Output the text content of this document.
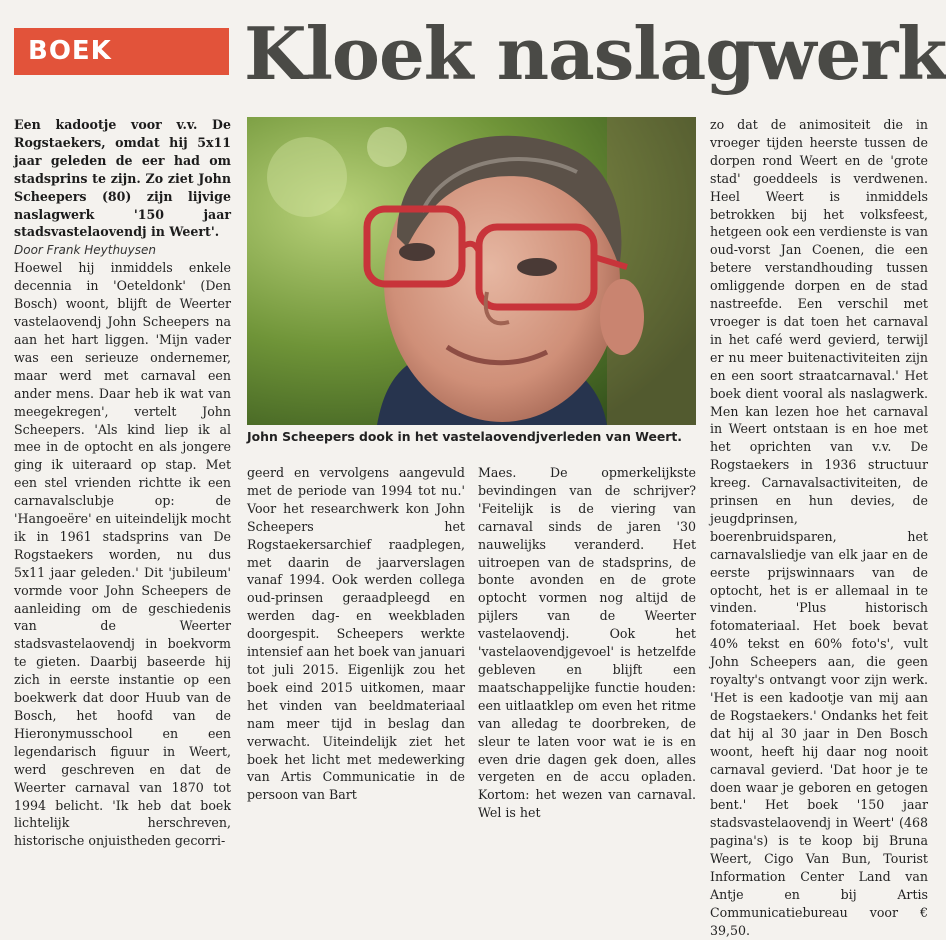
BOEK	Kloek naslagwerk

Een kadootje voor v.v. De Rogstaekers, omdat hij 5x11 jaar geleden de eer had om stadsprins te zijn. Zo ziet John Scheepers (80) zijn lijvige naslagwerk '150 jaar stadsvastelaovendj in Weert'.

Door Frank Heythuysen

Hoewel hij inmiddels enkele decennia in 'Oeteldonk' (Den Bosch) woont, blijft de Weerter vastelaovendj John Scheepers na aan het hart liggen. 'Mijn vader was een serieuze ondernemer, maar werd met carnaval een ander mens. Daar heb ik wat van meegekregen', vertelt John Scheepers. 'Als kind liep ik al mee in de optocht en als jongere ging ik uiteraard op stap. Met een stel vrienden richtte ik een carnavalsclubje op: de 'Hangoeëre' en uiteindelijk mocht ik in 1961 stadsprins van De Rogstaekers worden, nu dus 5x11 jaar geleden.' Dit 'jubileum' vormde voor John Scheepers de aanleiding om de geschiedenis van de Weerter stadsvastelaovendj in boekvorm te gieten. Daarbij baseerde hij zich in eerste instantie op een boekwerk dat door Huub van de Bosch, het hoofd van de Hieronymusschool en een legendarisch figuur in Weert, werd geschreven en dat de Weerter carnaval van 1870 tot 1994 belicht. 'Ik heb dat boek lichtelijk herschreven, historische onjuistheden gecorri-

John Scheepers dook in het vastelaovendjverleden van Weert.

geerd en vervolgens aangevuld met de periode van 1994 tot nu.' Voor het researchwerk kon John Scheepers het Rogstaekersarchief raadplegen, met daarin de jaarverslagen vanaf 1994. Ook werden collega oud-prinsen geraadpleegd en werden dag- en weekbladen doorgespit. Scheepers werkte intensief aan het boek van januari tot juli 2015. Eigenlijk zou het boek eind 2015 uitkomen, maar het vinden van beeldmateriaal nam meer tijd in beslag dan verwacht. Uiteindelijk ziet het boek het licht met medewerking van Artis Communicatie in de persoon van Bart

Maes. De opmerkelijkste bevindingen van de schrijver? 'Feitelijk is de viering van carnaval sinds de jaren '30 nauwelijks veranderd. Het uitroepen van de stadsprins, de bonte avonden en de grote optocht vormen nog altijd de pijlers van de Weerter vastelaovendj. Ook het 'vastelaovendjgevoel' is hetzelfde gebleven en blijft een maatschappelijke functie houden: een uitlaatklep om even het ritme van alledag te doorbreken, de sleur te laten voor wat ie is en even drie dagen gek doen, alles vergeten en de accu opladen. Kortom: het wezen van carnaval. Wel is het

zo dat de animositeit die in vroeger tijden heerste tussen de dorpen rond Weert en de 'grote stad' goeddeels is verdwenen. Heel Weert is inmiddels betrokken bij het volksfeest, hetgeen ook een verdienste is van oud-vorst Jan Coenen, die een betere verstandhouding tussen omliggende dorpen en de stad nastreefde. Een verschil met vroeger is dat toen het carnaval in het café werd gevierd, terwijl er nu meer buitenactiviteiten zijn en een soort straatcarnaval.' Het boek dient vooral als naslagwerk. Men kan lezen hoe het carnaval in Weert ontstaan is en hoe met het oprichten van v.v. De Rogstaekers in 1936 structuur kreeg. Carnavalsactiviteiten, de prinsen en hun devies, de jeugdprinsen, boerenbruidsparen, het carnavalsliedje van elk jaar en de eerste prijswinnaars van de optocht, het is er allemaal in te vinden. 'Plus historisch fotomateriaal. Het boek bevat 40% tekst en 60% foto's', vult John Scheepers aan, die geen royalty's ontvangt voor zijn werk. 'Het is een kadootje van mij aan de Rogstaekers.' Ondanks het feit dat hij al 30 jaar in Den Bosch woont, heeft hij daar nog nooit carnaval gevierd. 'Dat hoor je te doen waar je geboren en getogen bent.' Het boek '150 jaar stadsvastelaovendj in Weert' (468 pagina's) is te koop bij Bruna Weert, Cigo Van Bun, Tourist Information Center Land van Antje en bij Artis Communicatiebureau voor € 39,50.
